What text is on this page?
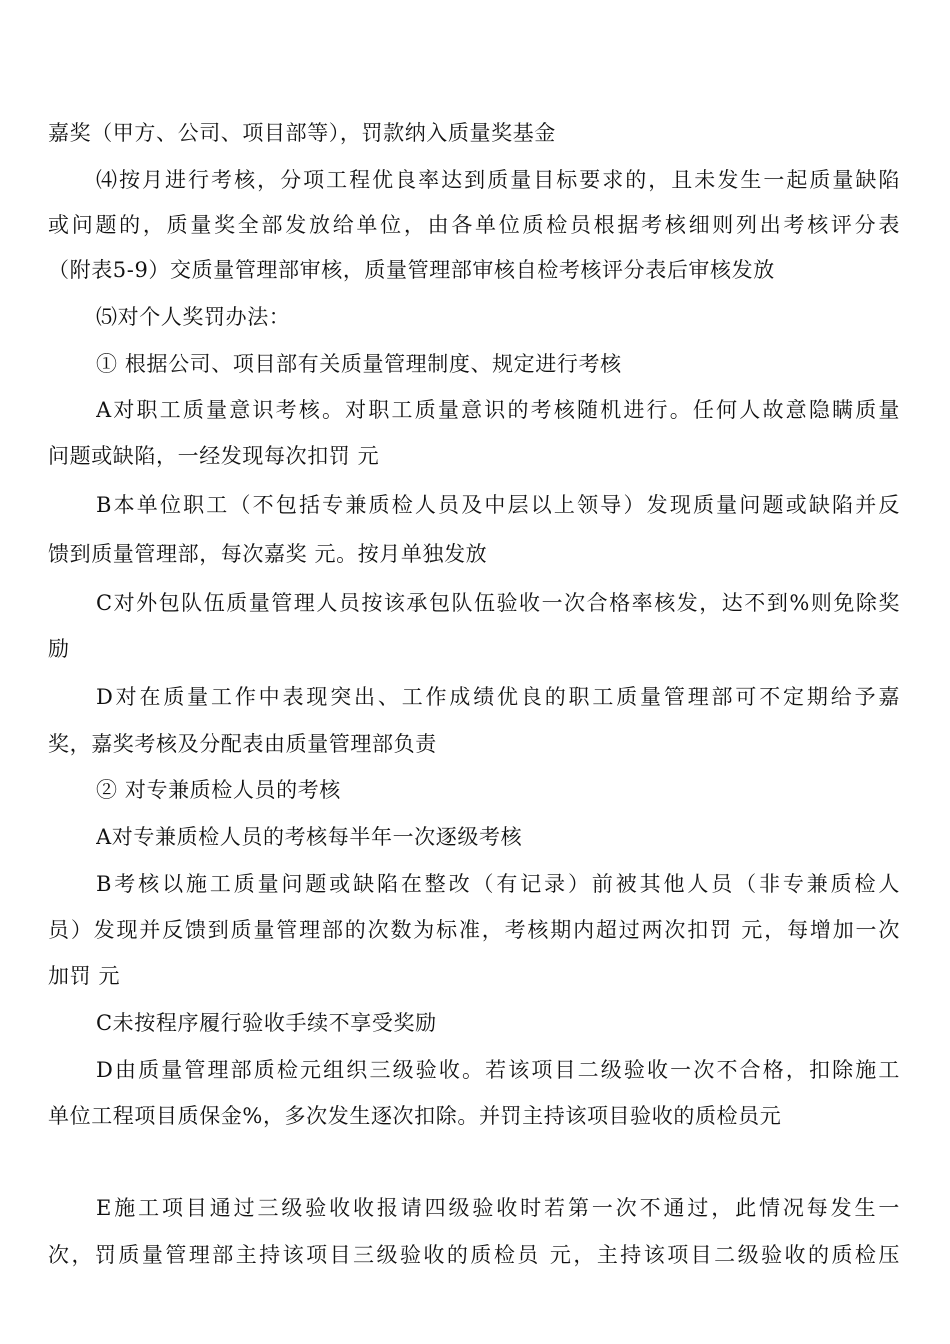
嘉奖（甲方、公司、项目部等），罚款纳入质量奖基金
⑷按月进行考核，分项工程优良率达到质量目标要求的，且未发生一起质量缺陷
或问题的，质量奖全部发放给单位，由各单位质检员根据考核细则列出考核评分表
（附表5-9）交质量管理部审核，质量管理部审核自检考核评分表后审核发放
⑸对个人奖罚办法：
① 根据公司、项目部有关质量管理制度、规定进行考核
A对职工质量意识考核。对职工质量意识的考核随机进行。任何人故意隐瞒质量
问题或缺陷，一经发现每次扣罚 元
B本单位职工（不包括专兼质检人员及中层以上领导）发现质量问题或缺陷并反
馈到质量管理部，每次嘉奖 元。按月单独发放
C对外包队伍质量管理人员按该承包队伍验收一次合格率核发，达不到%则免除奖
励
D对在质量工作中表现突出、工作成绩优良的职工质量管理部可不定期给予嘉
奖，嘉奖考核及分配表由质量管理部负责
② 对专兼质检人员的考核
A对专兼质检人员的考核每半年一次逐级考核
B考核以施工质量问题或缺陷在整改（有记录）前被其他人员（非专兼质检人
员）发现并反馈到质量管理部的次数为标准，考核期内超过两次扣罚 元，每增加一次
加罚 元
C未按程序履行验收手续不享受奖励
D由质量管理部质检元组织三级验收。若该项目二级验收一次不合格，扣除施工
单位工程项目质保金%，多次发生逐次扣除。并罚主持该项目验收的质检员元
E施工项目通过三级验收收报请四级验收时若第一次不通过，此情况每发生一
次，罚质量管理部主持该项目三级验收的质检员 元，主持该项目二级验收的质检压
